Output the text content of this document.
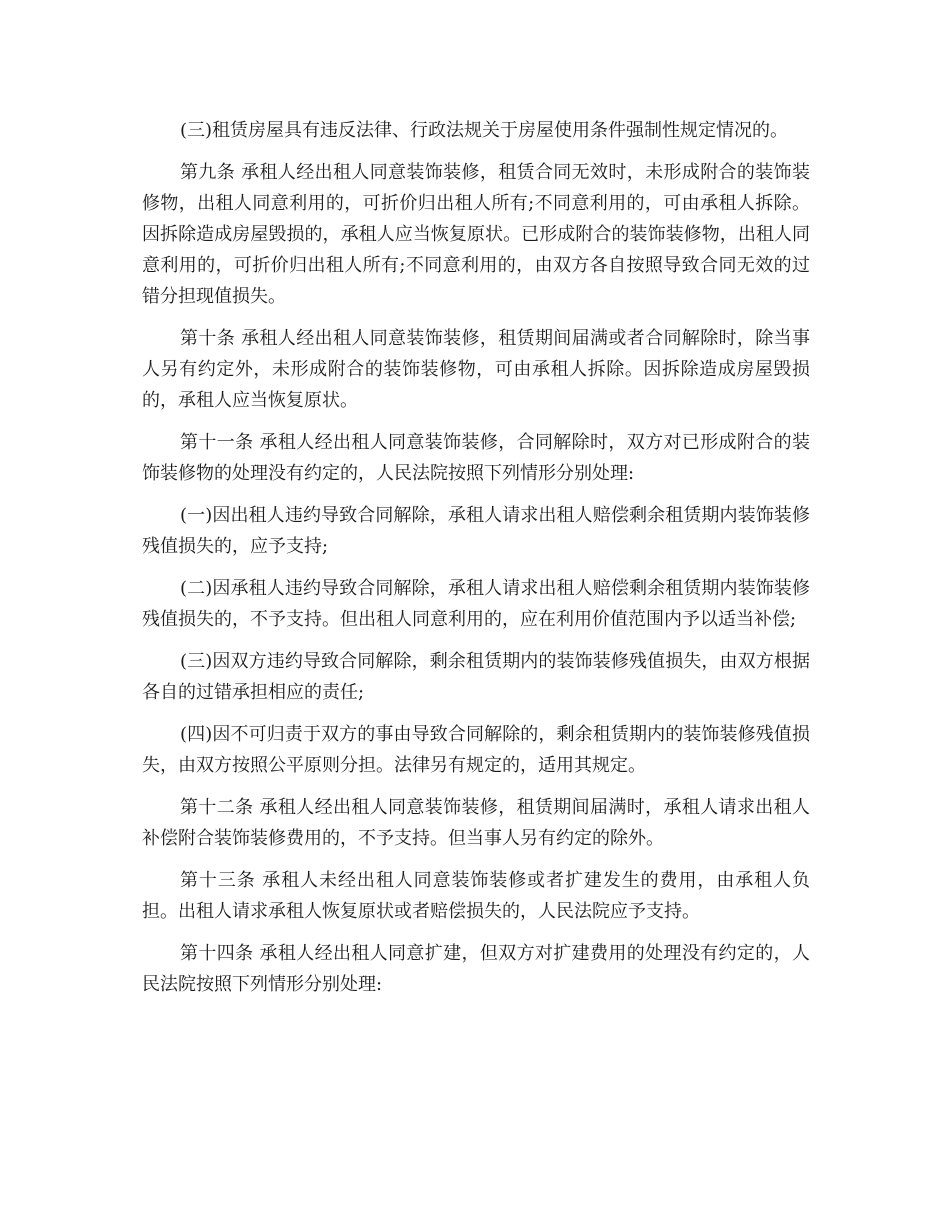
(三)租赁房屋具有违反法律、行政法规关于房屋使用条件强制性规定情况的。

第九条 承租人经出租人同意装饰装修，租赁合同无效时，未形成附合的装饰装修物，出租人同意利用的，可折价归出租人所有;不同意利用的，可由承租人拆除。因拆除造成房屋毁损的，承租人应当恢复原状。已形成附合的装饰装修物，出租人同意利用的，可折价归出租人所有;不同意利用的，由双方各自按照导致合同无效的过错分担现值损失。

第十条 承租人经出租人同意装饰装修，租赁期间届满或者合同解除时，除当事人另有约定外，未形成附合的装饰装修物，可由承租人拆除。因拆除造成房屋毁损的，承租人应当恢复原状。

第十一条 承租人经出租人同意装饰装修，合同解除时，双方对已形成附合的装饰装修物的处理没有约定的，人民法院按照下列情形分别处理:

(一)因出租人违约导致合同解除，承租人请求出租人赔偿剩余租赁期内装饰装修残值损失的，应予支持;

(二)因承租人违约导致合同解除，承租人请求出租人赔偿剩余租赁期内装饰装修残值损失的，不予支持。但出租人同意利用的，应在利用价值范围内予以适当补偿;

(三)因双方违约导致合同解除，剩余租赁期内的装饰装修残值损失，由双方根据各自的过错承担相应的责任;

(四)因不可归责于双方的事由导致合同解除的，剩余租赁期内的装饰装修残值损失，由双方按照公平原则分担。法律另有规定的，适用其规定。

第十二条 承租人经出租人同意装饰装修，租赁期间届满时，承租人请求出租人补偿附合装饰装修费用的，不予支持。但当事人另有约定的除外。

第十三条 承租人未经出租人同意装饰装修或者扩建发生的费用，由承租人负担。出租人请求承租人恢复原状或者赔偿损失的，人民法院应予支持。

第十四条 承租人经出租人同意扩建，但双方对扩建费用的处理没有约定的，人民法院按照下列情形分别处理:
